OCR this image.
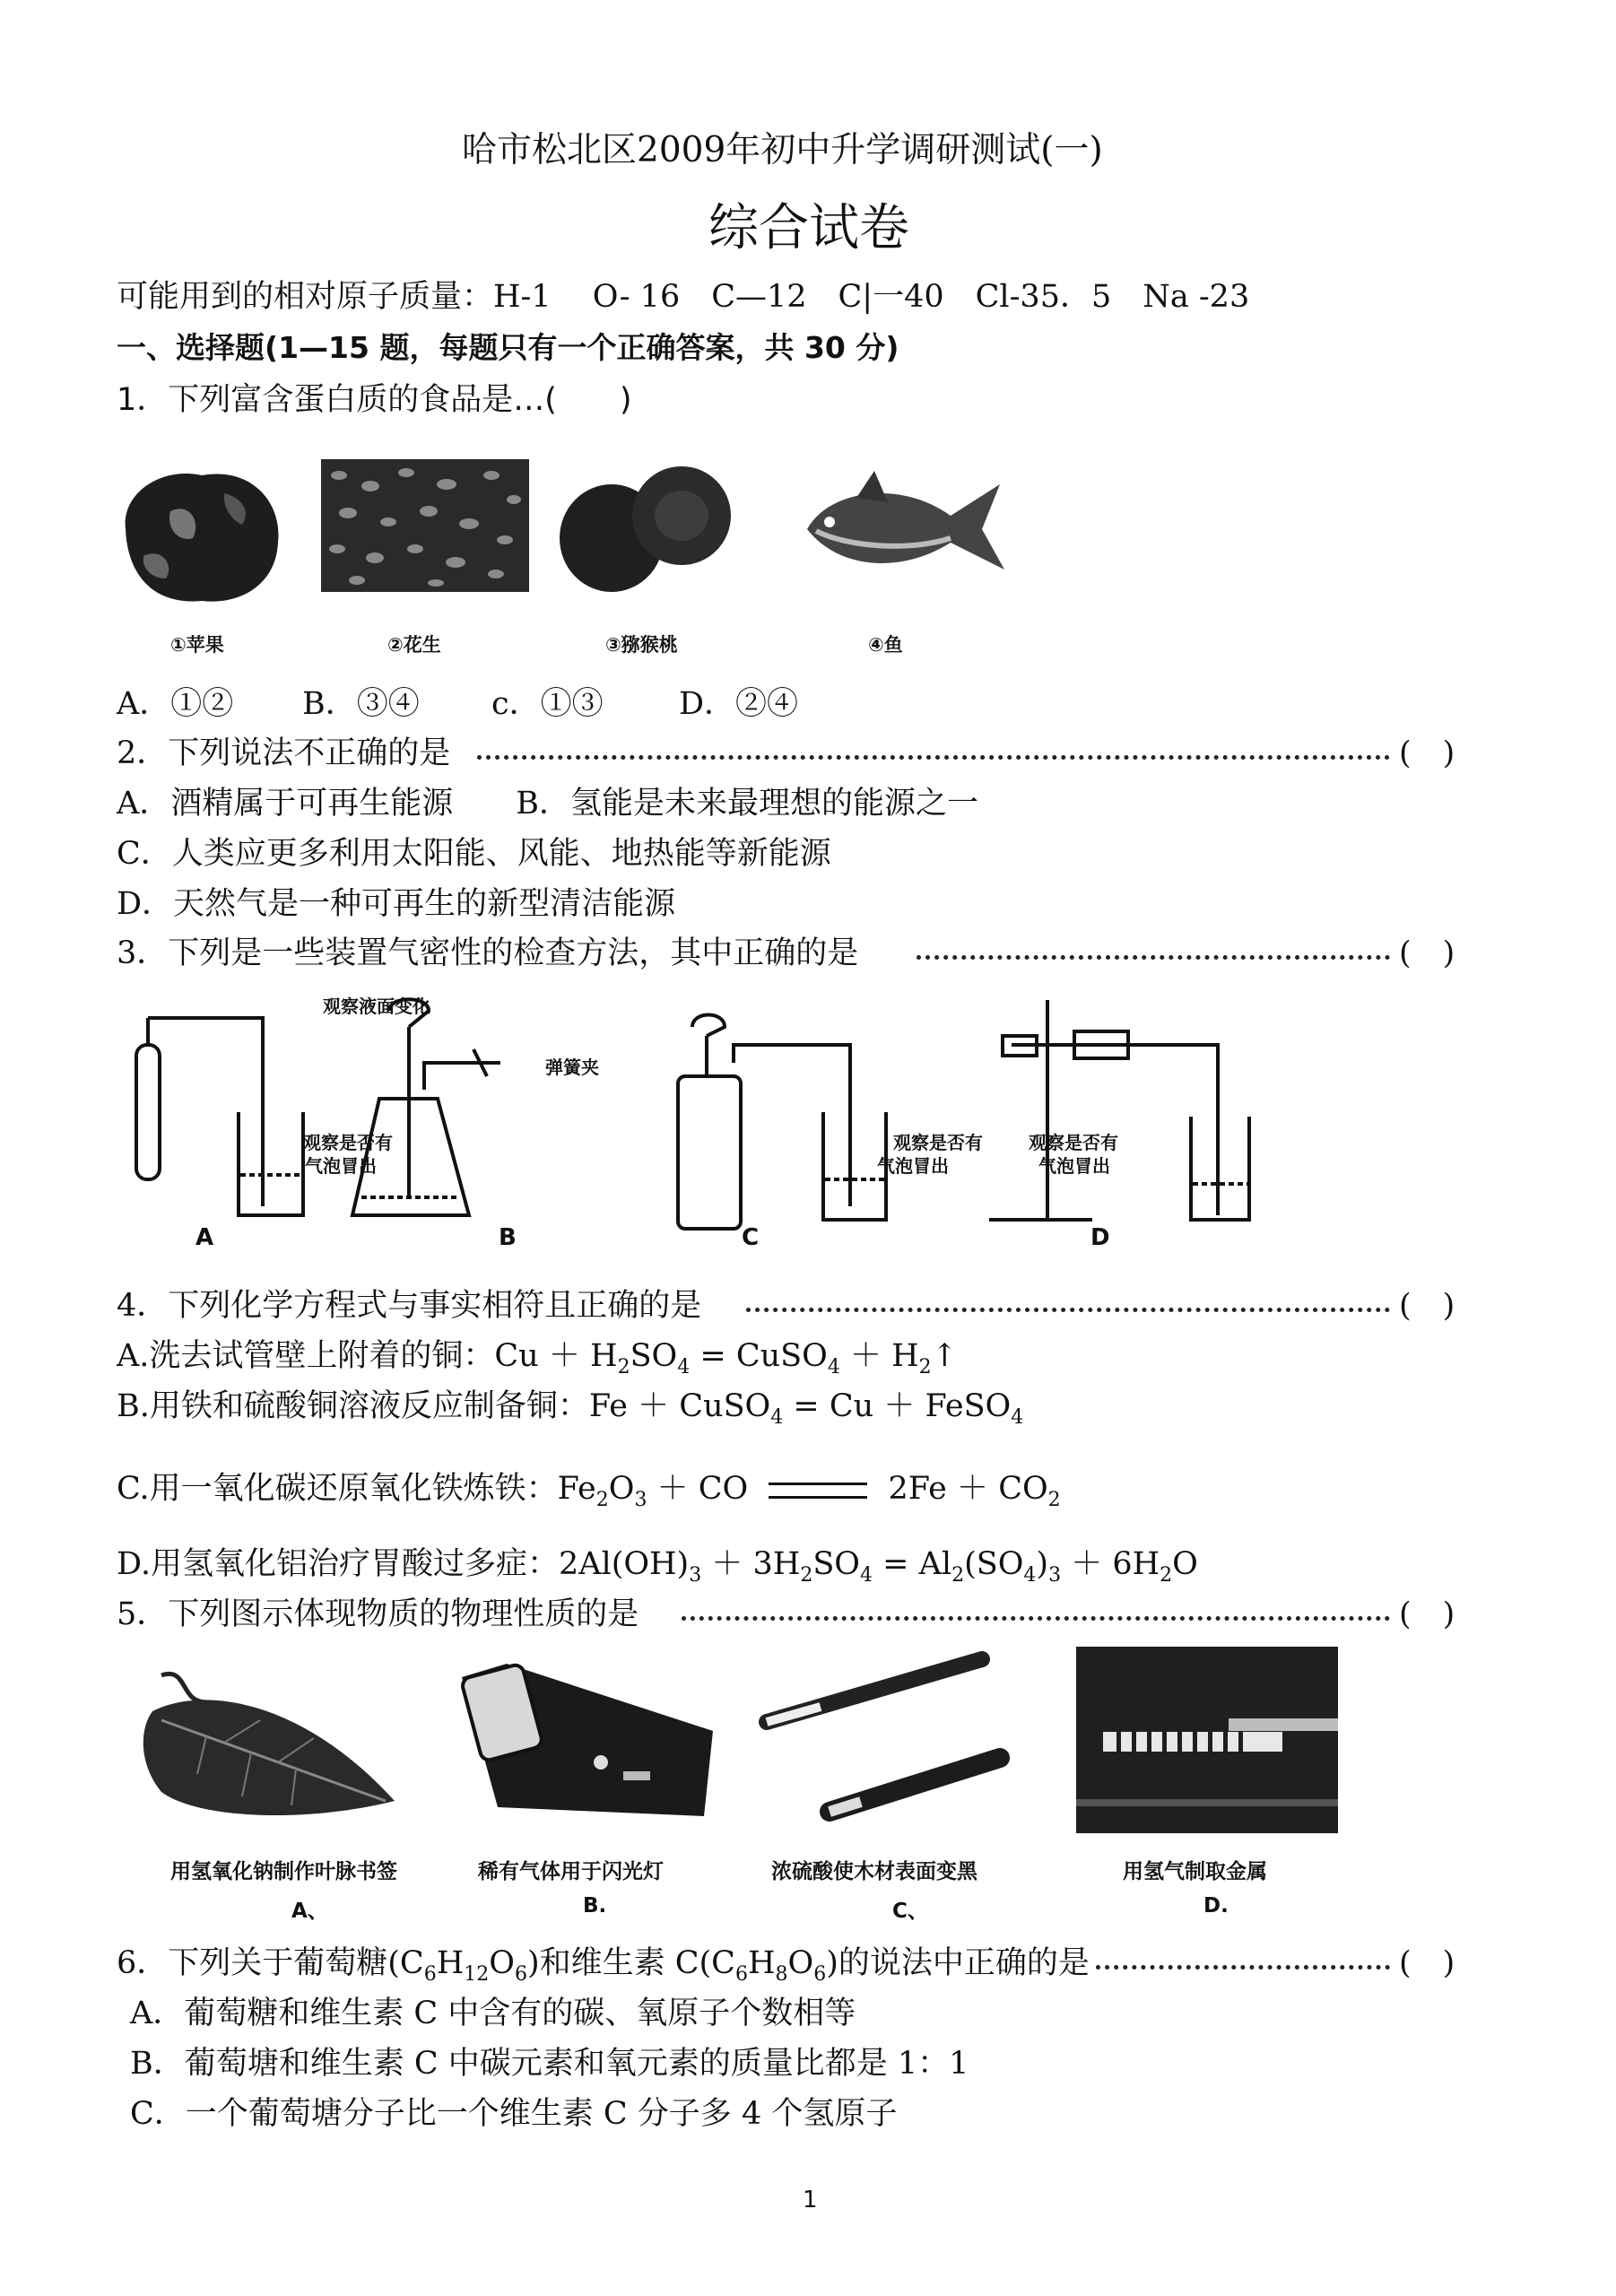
哈市松北区2009年初中升学调研测试(一)
综合试卷
可能用到的相对原子质量：H-1　 O- 16　C—12　C|一40　Cl-35．5　Na -23
一、选择题(1—15 题，每题只有一个正确答案，共 30 分)
1．下列富含蛋白质的食品是…(　　)
①苹果	②花生	③猕猴桃	④鱼
A．①② B．③④ c．①③ D．②④
2．下列说法不正确的是	(　)
A．酒精属于可再生能源　　B．氢能是未来最理想的能源之一
C．人类应更多利用太阳能、风能、地热能等新能源
D．天然气是一种可再生的新型清洁能源
3．下列是一些装置气密性的检查方法，其中正确的是	(　)
观察液面变化
弹簧夹
观察是否有
气泡冒出
观察是否有
气泡冒出
观察是否有
气泡冒出
A	B	C	D
4．下列化学方程式与事实相符且正确的是	(　)
A.洗去试管壁上附着的铜：$Cu + H_2SO_4$ = CuSO$_4$ ＋ $H_2↑$
B.用铁和硫酸铜溶液反应制备铜：Fe ＋ CuSO$_4$ = Cu ＋ FeSO$_4$
C.用一氧化碳还原氧化铁炼铁：$Fe_2O_3$ ＋ CO	$2Fe + CO_2$
D.用氢氧化铝治疗胃酸过多症：$2Al(OH)_3 + 3H_2SO_4 = Al_2(SO_4)_3 + 6H_2O$
5．下列图示体现物质的物理性质的是	(　)
用氢氧化钠制作叶脉书签	稀有气体用于闪光灯	浓硫酸使木材表面变黑	用氢气制取金属
A、	B.	C、	D.
6．下列关于葡萄糖$(C_6H_{12}O_6)$和维生素 $C(C_6H_8O_6)$的说法中正确的是	(　)
A．葡萄糖和维生素 C 中含有的碳、氧原子个数相等
B．葡萄塘和维生素 C 中碳元素和氧元素的质量比都是 1：1
C．一个葡萄塘分子比一个维生素 C 分子多 4 个氢原子
1
